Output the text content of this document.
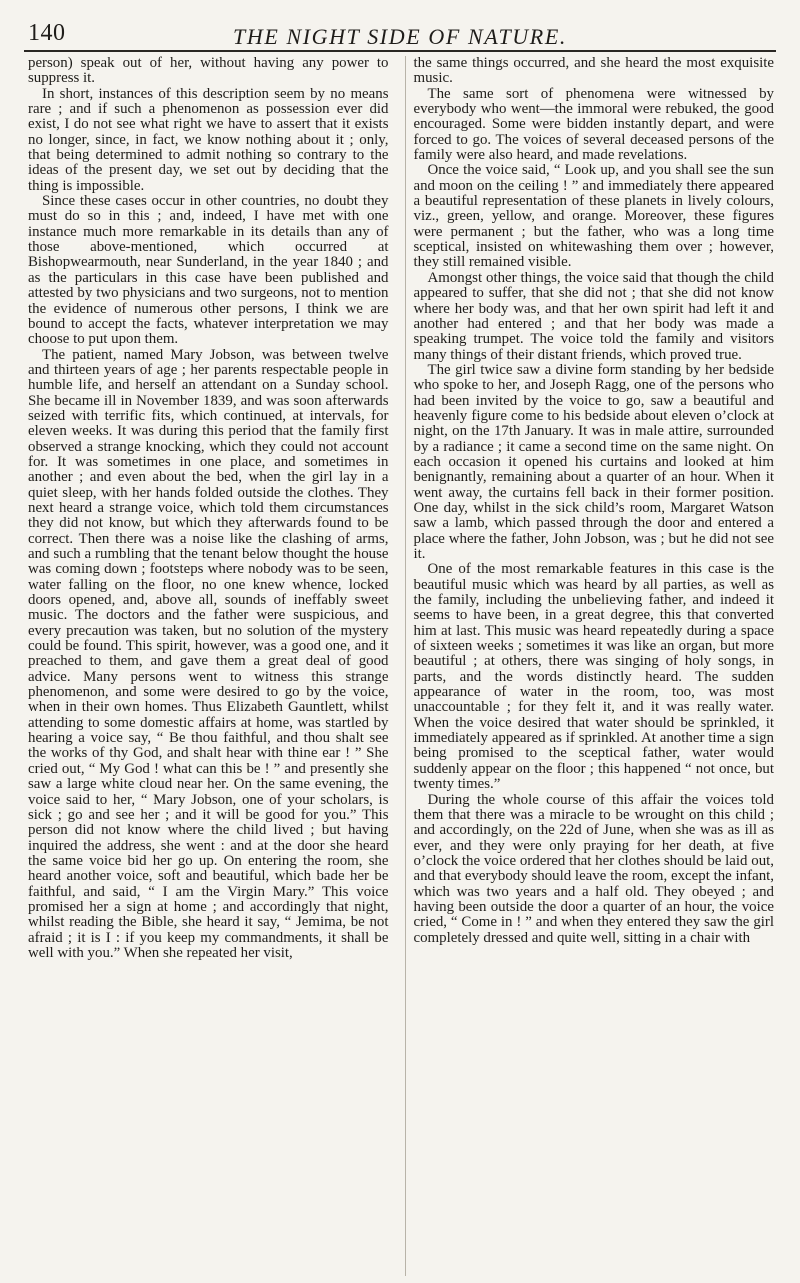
140	THE NIGHT SIDE OF NATURE.

person) speak out of her, without having any power to suppress it.

In short, instances of this description seem by no means rare ; and if such a phenomenon as possession ever did exist, I do not see what right we have to assert that it exists no longer, since, in fact, we know nothing about it ; only, that being determined to admit nothing so contrary to the ideas of the present day, we set out by deciding that the thing is impossible.

Since these cases occur in other countries, no doubt they must do so in this ; and, indeed, I have met with one instance much more remarkable in its details than any of those above-mentioned, which occurred at Bishopwearmouth, near Sunderland, in the year 1840 ; and as the particulars in this case have been published and attested by two physicians and two surgeons, not to mention the evidence of numerous other persons, I think we are bound to accept the facts, whatever interpretation we may choose to put upon them.

The patient, named Mary Jobson, was between twelve and thirteen years of age ; her parents respectable people in humble life, and herself an attendant on a Sunday school. She became ill in November 1839, and was soon afterwards seized with terrific fits, which continued, at intervals, for eleven weeks. It was during this period that the family first observed a strange knocking, which they could not account for. It was sometimes in one place, and sometimes in another ; and even about the bed, when the girl lay in a quiet sleep, with her hands folded outside the clothes. They next heard a strange voice, which told them circumstances they did not know, but which they afterwards found to be correct. Then there was a noise like the clashing of arms, and such a rumbling that the tenant below thought the house was coming down ; footsteps where nobody was to be seen, water falling on the floor, no one knew whence, locked doors opened, and, above all, sounds of ineffably sweet music. The doctors and the father were suspicious, and every precaution was taken, but no solution of the mystery could be found. This spirit, however, was a good one, and it preached to them, and gave them a great deal of good advice. Many persons went to witness this strange phenomenon, and some were desired to go by the voice, when in their own homes. Thus Elizabeth Gauntlett, whilst attending to some domestic affairs at home, was startled by hearing a voice say, “ Be thou faithful, and thou shalt see the works of thy God, and shalt hear with thine ear ! ” She cried out, “ My God ! what can this be ! ” and presently she saw a large white cloud near her. On the same evening, the voice said to her, “ Mary Jobson, one of your scholars, is sick ; go and see her ; and it will be good for you.” This person did not know where the child lived ; but having inquired the address, she went : and at the door she heard the same voice bid her go up. On entering the room, she heard another voice, soft and beautiful, which bade her be faithful, and said, “ I am the Virgin Mary.” This voice promised her a sign at home ; and accordingly that night, whilst reading the Bible, she heard it say, “ Jemima, be not afraid ; it is I : if you keep my commandments, it shall be well with you.” When she repeated her visit,

the same things occurred, and she heard the most exquisite music.

The same sort of phenomena were witnessed by everybody who went—the immoral were rebuked, the good encouraged. Some were bidden instantly depart, and were forced to go. The voices of several deceased persons of the family were also heard, and made revelations.

Once the voice said, “ Look up, and you shall see the sun and moon on the ceiling ! ” and immediately there appeared a beautiful representation of these planets in lively colours, viz., green, yellow, and orange. Moreover, these figures were permanent ; but the father, who was a long time sceptical, insisted on whitewashing them over ; however, they still remained visible.

Amongst other things, the voice said that though the child appeared to suffer, that she did not ; that she did not know where her body was, and that her own spirit had left it and another had entered ; and that her body was made a speaking trumpet. The voice told the family and visitors many things of their distant friends, which proved true.

The girl twice saw a divine form standing by her bedside who spoke to her, and Joseph Ragg, one of the persons who had been invited by the voice to go, saw a beautiful and heavenly figure come to his bedside about eleven o’clock at night, on the 17th January. It was in male attire, surrounded by a radiance ; it came a second time on the same night. On each occasion it opened his curtains and looked at him benignantly, remaining about a quarter of an hour. When it went away, the curtains fell back in their former position. One day, whilst in the sick child’s room, Margaret Watson saw a lamb, which passed through the door and entered a place where the father, John Jobson, was ; but he did not see it.

One of the most remarkable features in this case is the beautiful music which was heard by all parties, as well as the family, including the unbelieving father, and indeed it seems to have been, in a great degree, this that converted him at last. This music was heard repeatedly during a space of sixteen weeks ; sometimes it was like an organ, but more beautiful ; at others, there was singing of holy songs, in parts, and the words distinctly heard. The sudden appearance of water in the room, too, was most unaccountable ; for they felt it, and it was really water. When the voice desired that water should be sprinkled, it immediately appeared as if sprinkled. At another time a sign being promised to the sceptical father, water would suddenly appear on the floor ; this happened “ not once, but twenty times.”

During the whole course of this affair the voices told them that there was a miracle to be wrought on this child ; and accordingly, on the 22d of June, when she was as ill as ever, and they were only praying for her death, at five o’clock the voice ordered that her clothes should be laid out, and that everybody should leave the room, except the infant, which was two years and a half old. They obeyed ; and having been outside the door a quarter of an hour, the voice cried, “ Come in ! ” and when they entered they saw the girl completely dressed and quite well, sitting in a chair with
